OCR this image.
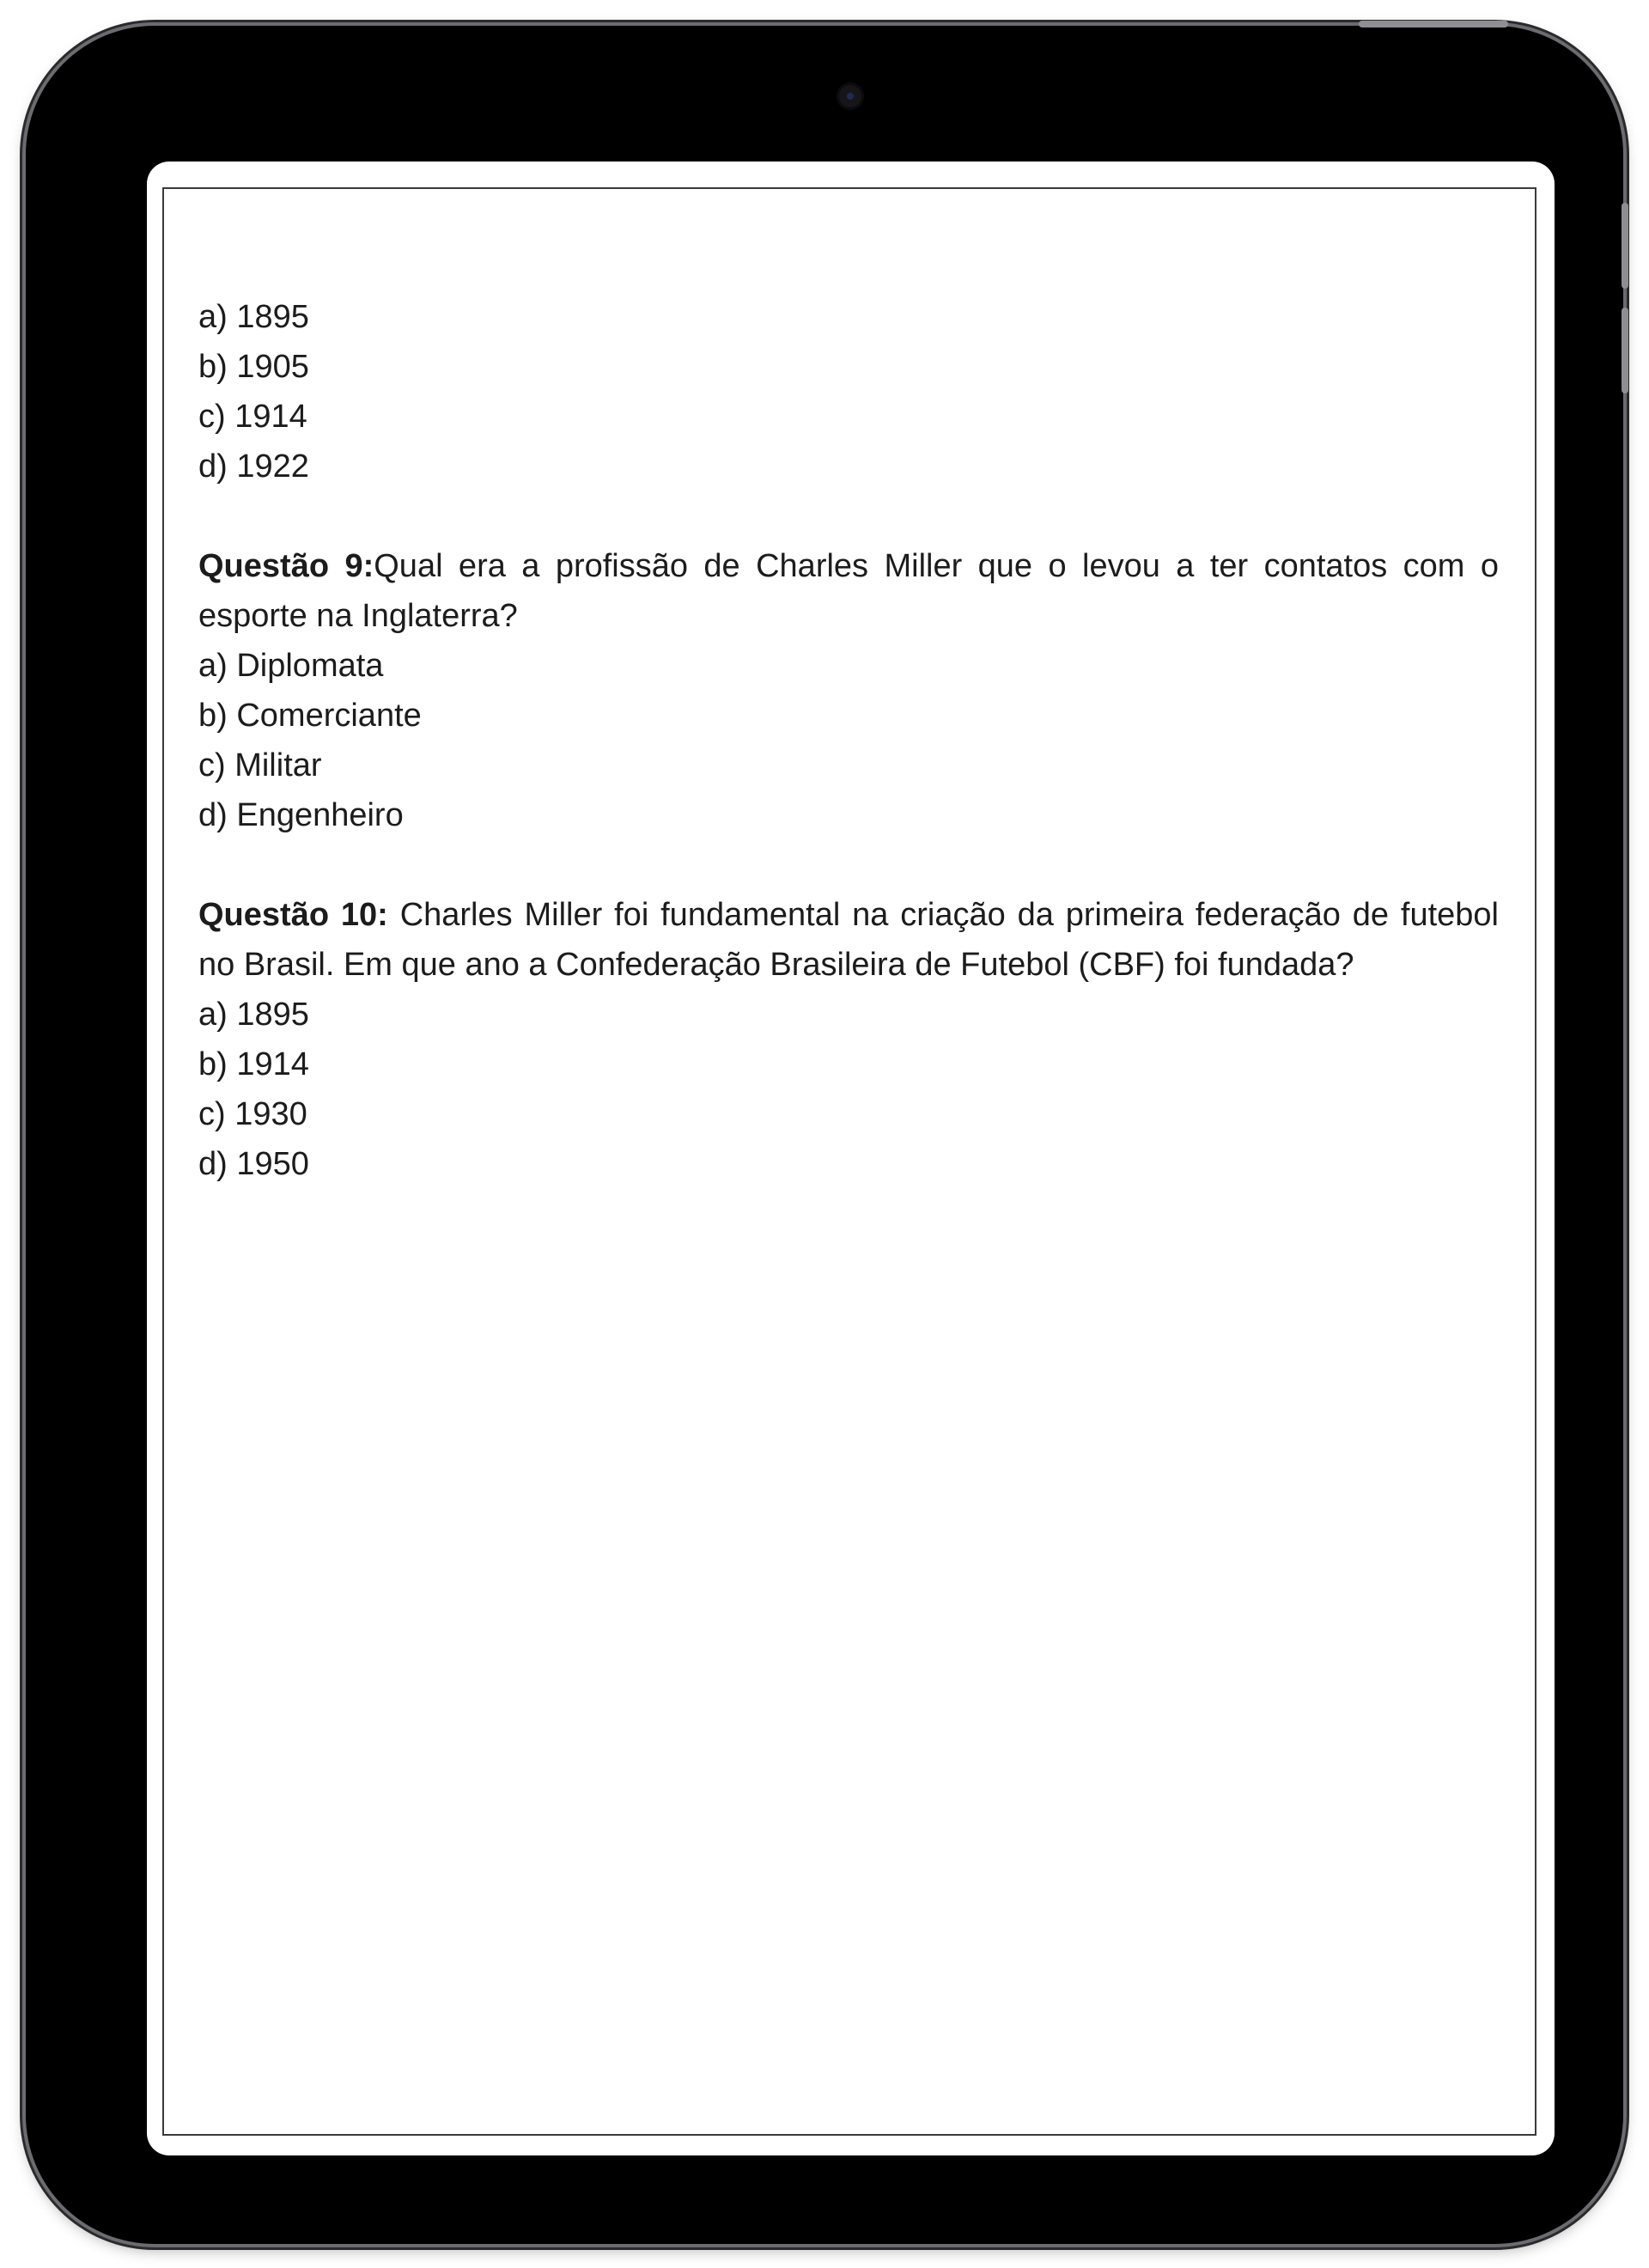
a) 1895
b) 1905
c) 1914
d) 1922
Questão 9:Qual era a profissão de Charles Miller que o levou a ter contatos com o esporte na Inglaterra?
a) Diplomata
b) Comerciante
c) Militar
d) Engenheiro
Questão 10: Charles Miller foi fundamental na criação da primeira federação de futebol no Brasil. Em que ano a Confederação Brasileira de Futebol (CBF) foi fundada?
a) 1895
b) 1914
c) 1930
d) 1950
